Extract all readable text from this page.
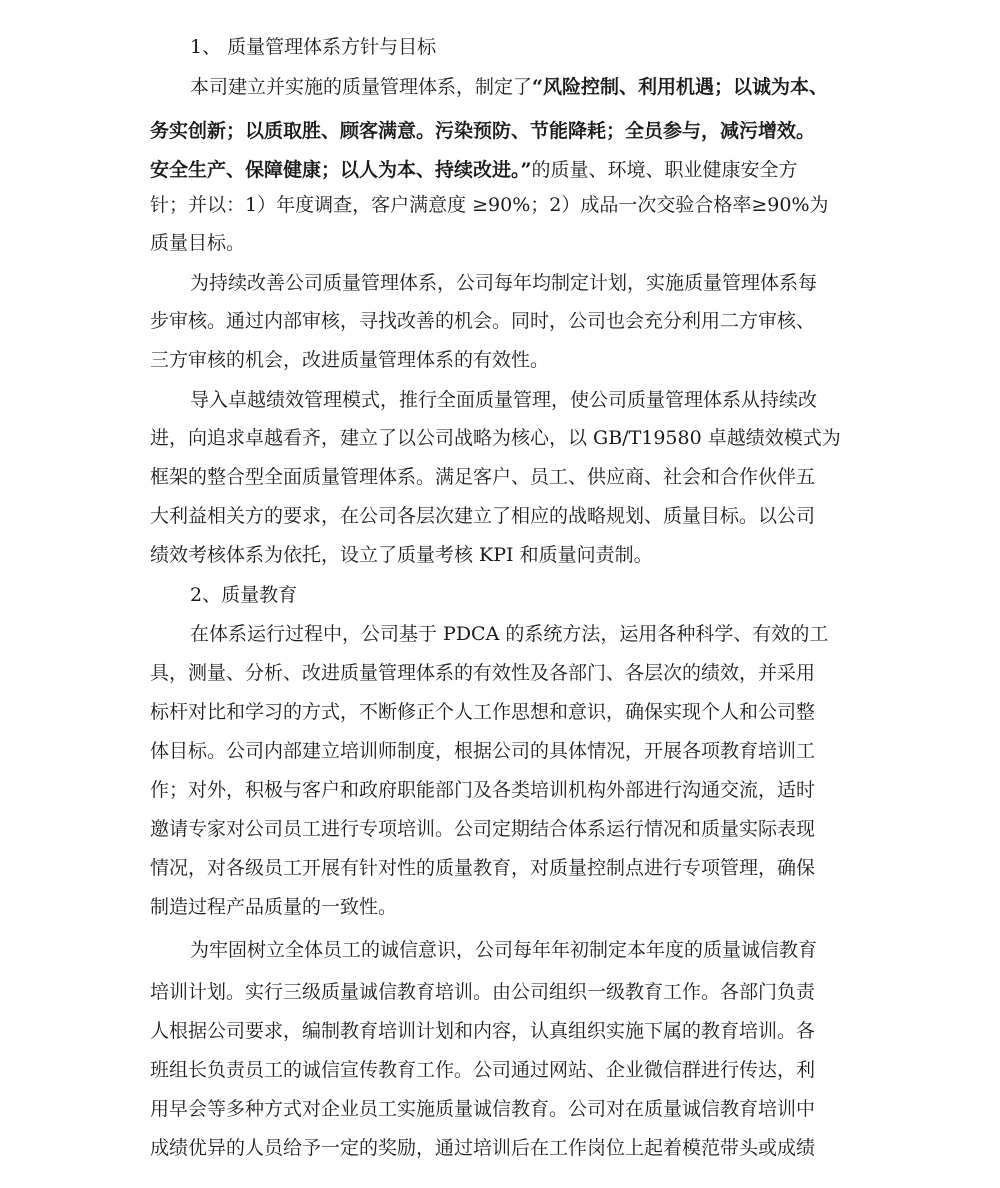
1、 质量管理体系方针与目标
本司建立并实施的质量管理体系，制定了“风险控制、利用机遇；以诚为本、
务实创新；以质取胜、顾客满意。污染预防、节能降耗；全员参与，减污增效。
安全生产、保障健康；以人为本、持续改进。”的质量、环境、职业健康安全方
针；并以：1）年度调查，客户满意度 ≥90%；2）成品一次交验合格率≥90%为
质量目标。
为持续改善公司质量管理体系，公司每年均制定计划，实施质量管理体系每
步审核。通过内部审核，寻找改善的机会。同时，公司也会充分利用二方审核、
三方审核的机会，改进质量管理体系的有效性。
导入卓越绩效管理模式，推行全面质量管理，使公司质量管理体系从持续改
进，向追求卓越看齐，建立了以公司战略为核心，以 GB/T19580 卓越绩效模式为
框架的整合型全面质量管理体系。满足客户、员工、供应商、社会和合作伙伴五
大利益相关方的要求，在公司各层次建立了相应的战略规划、质量目标。以公司
绩效考核体系为依托，设立了质量考核 KPI 和质量问责制。
2、质量教育
在体系运行过程中，公司基于 PDCA 的系统方法，运用各种科学、有效的工
具，测量、分析、改进质量管理体系的有效性及各部门、各层次的绩效，并采用
标杆对比和学习的方式，不断修正个人工作思想和意识，确保实现个人和公司整
体目标。公司内部建立培训师制度，根据公司的具体情况，开展各项教育培训工
作；对外，积极与客户和政府职能部门及各类培训机构外部进行沟通交流，适时
邀请专家对公司员工进行专项培训。公司定期结合体系运行情况和质量实际表现
情况，对各级员工开展有针对性的质量教育，对质量控制点进行专项管理，确保
制造过程产品质量的一致性。
为牢固树立全体员工的诚信意识，公司每年年初制定本年度的质量诚信教育
培训计划。实行三级质量诚信教育培训。由公司组织一级教育工作。各部门负责
人根据公司要求，编制教育培训计划和内容，认真组织实施下属的教育培训。各
班组长负责员工的诚信宣传教育工作。公司通过网站、企业微信群进行传达，利
用早会等多种方式对企业员工实施质量诚信教育。公司对在质量诚信教育培训中
成绩优异的人员给予一定的奖励，通过培训后在工作岗位上起着模范带头或成绩
